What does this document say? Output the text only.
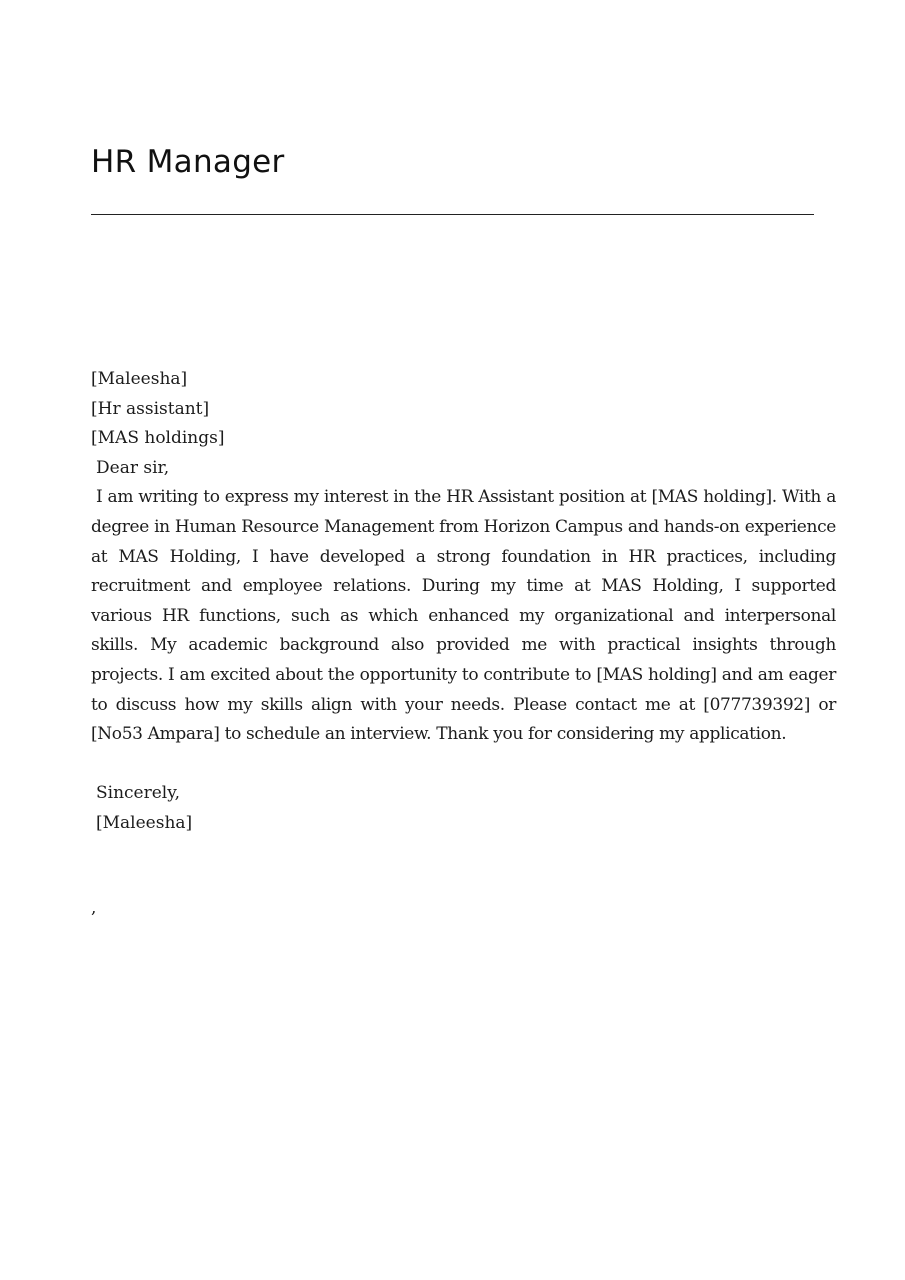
HR Manager
[Maleesha]
[Hr assistant]
[MAS holdings]
Dear sir,
I am writing to express my interest in the HR Assistant position at [MAS holding]. With a degree in Human Resource Management from Horizon Campus and hands-on experience at MAS Holding, I have developed a strong foundation in HR practices, including recruitment and employee relations. During my time at MAS Holding, I supported various HR functions, such as which enhanced my organizational and interpersonal skills. My academic background also provided me with practical insights through projects. I am excited about the opportunity to contribute to [MAS holding] and am eager to discuss how my skills align with your needs. Please contact me at [077739392] or [No53 Ampara] to schedule an interview. Thank you for considering my application.
Sincerely,
[Maleesha]
,
